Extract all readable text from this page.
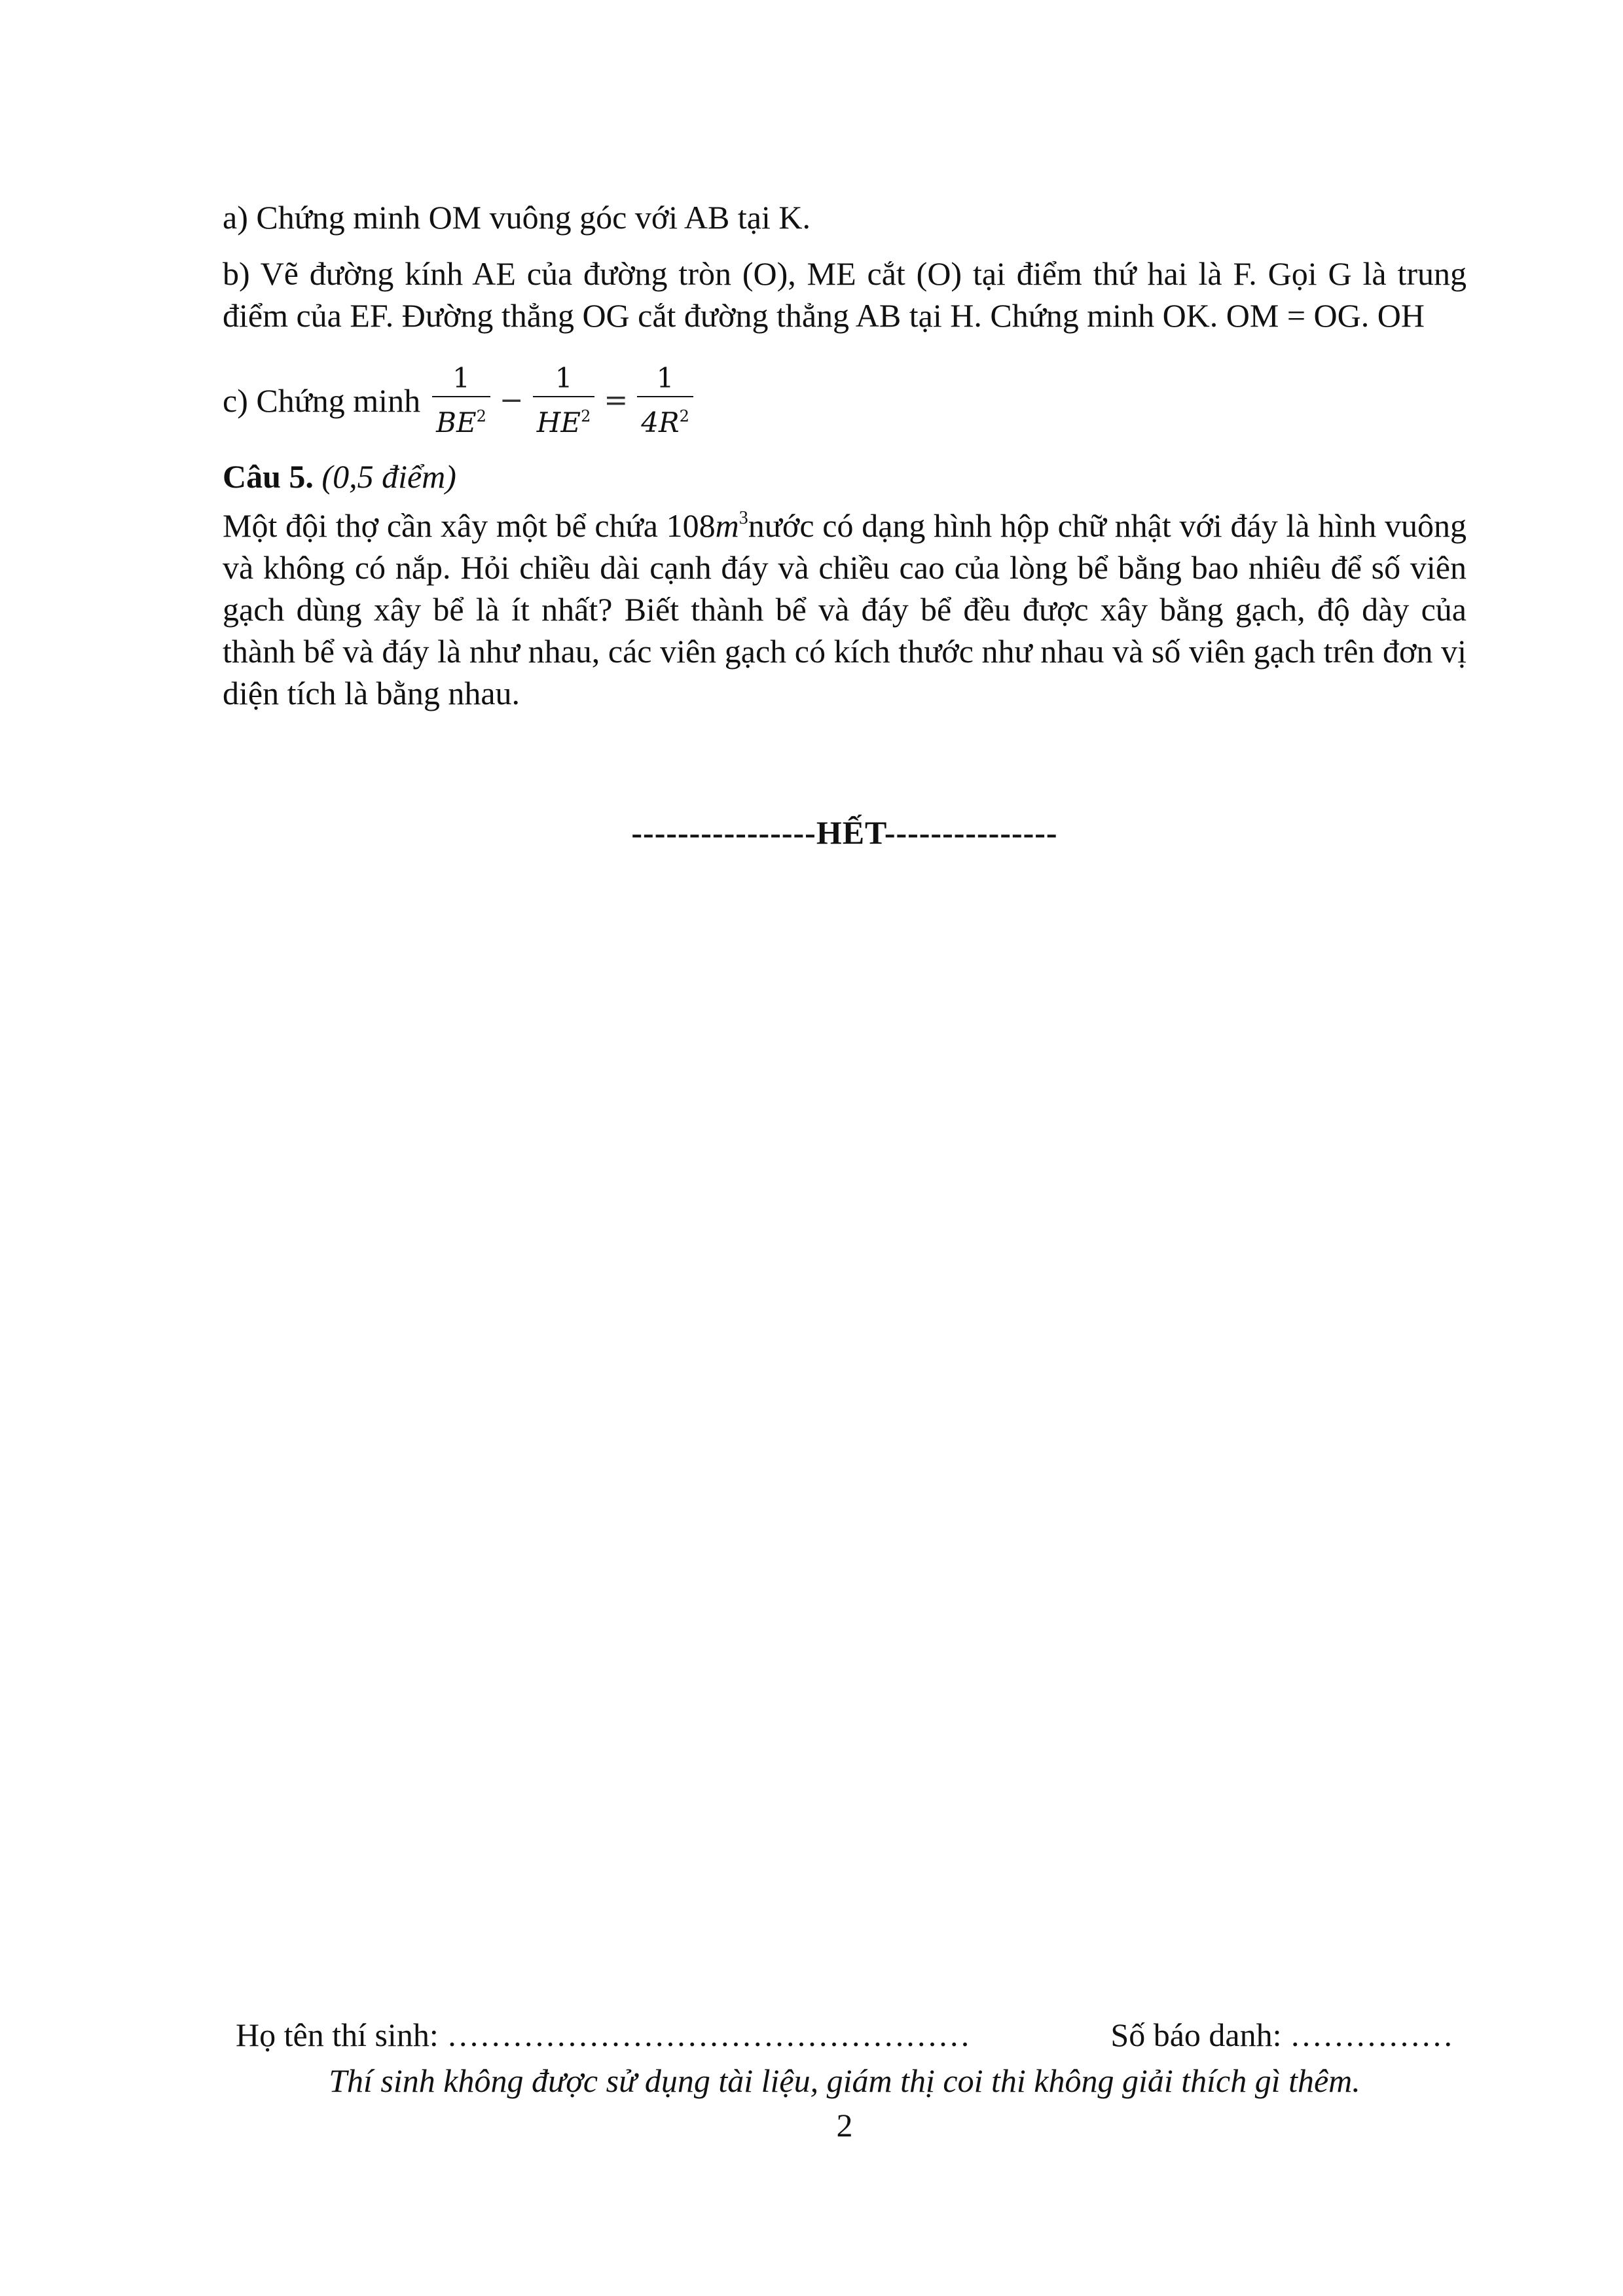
a) Chứng minh OM vuông góc với AB tại K.

b) Vẽ đường kính AE của đường tròn (O), ME cắt (O) tại điểm thứ hai là F. Gọi G là trung điểm của EF. Đường thẳng OG cắt đường thẳng AB tại H. Chứng minh OK. OM = OG. OH

c) Chứng minh $\frac{1}{BE^2} - \frac{1}{HE^2} = \frac{1}{4R^2}$

Câu 5. (0,5 điểm)

Một đội thợ cần xây một bể chứa $108m^3nước$ có dạng hình hộp chữ nhật với đáy là hình vuông và không có nắp. Hỏi chiều dài cạnh đáy và chiều cao của lòng bể bằng bao nhiêu để số viên gạch dùng xây bể là ít nhất? Biết thành bể và đáy bể đều được xây bằng gạch, độ dày của thành bể và đáy là như nhau, các viên gạch có kích thước như nhau và số viên gạch trên đơn vị diện tích là bằng nhau.

----------------HẾT---------------
Họ tên thí sinh: …………………………………………	Số báo danh: ……………
Thí sinh không được sử dụng tài liệu, giám thị coi thi không giải thích gì thêm.
2
